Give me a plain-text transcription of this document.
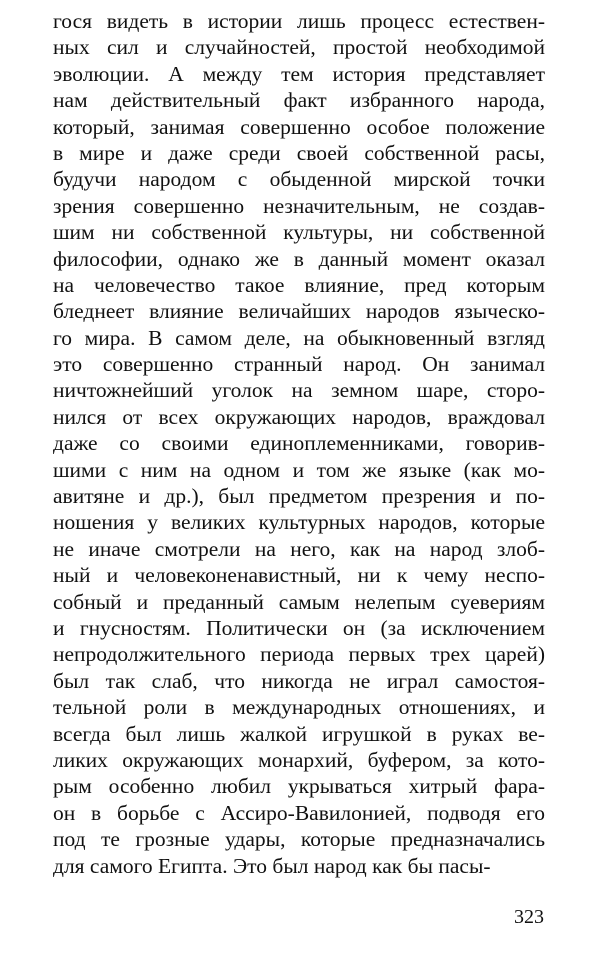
гося видеть в истории лишь процесс естествен-
ных сил и случайностей, простой необходимой
эволюции. А между тем история представляет
нам действительный факт избранного народа,
который, занимая совершенно особое положение
в мире и даже среди своей собственной расы,
будучи народом с обыденной мирской точки
зрения совершенно незначительным, не создав-
шим ни собственной культуры, ни собственной
философии, однако же в данный момент оказал
на человечество такое влияние, пред которым
бледнеет влияние величайших народов языческо-
го мира. В самом деле, на обыкновенный взгляд
это совершенно странный народ. Он занимал
ничтожнейший уголок на земном шаре, сторо-
нился от всех окружающих народов, враждовал
даже со своими единоплеменниками, говорив-
шими с ним на одном и том же языке (как мо-
авитяне и др.), был предметом презрения и по-
ношения у великих культурных народов, которые
не иначе смотрели на него, как на народ злоб-
ный и человеконенавистный, ни к чему неспо-
собный и преданный самым нелепым суевериям
и гнусностям. Политически он (за исключением
непродолжительного периода первых трех царей)
был так слаб, что никогда не играл самостоя-
тельной роли в международных отношениях, и
всегда был лишь жалкой игрушкой в руках ве-
ликих окружающих монархий, буфером, за кото-
рым особенно любил укрываться хитрый фара-
он в борьбе с Ассиро-Вавилонией, подводя его
под те грозные удары, которые предназначались
для самого Египта. Это был народ как бы пасы-
323
